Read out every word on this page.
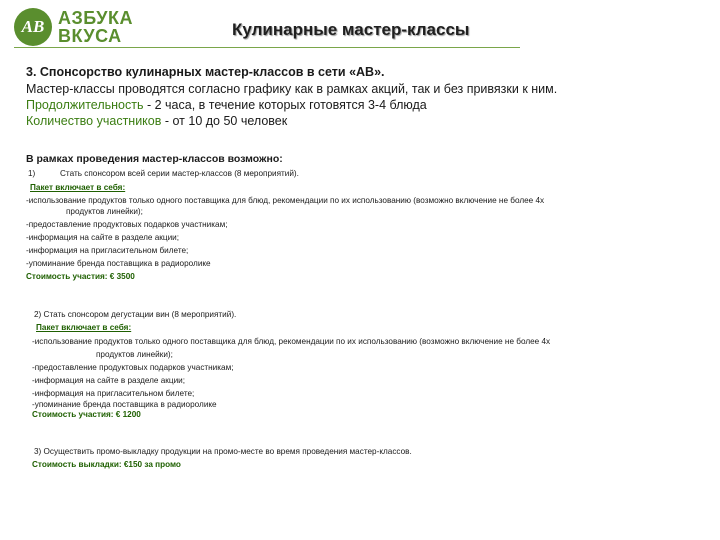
AB АЗБУКА
ВКУСА	Кулинарные мастер-классы
3. Спонсорство кулинарных мастер-классов в сети «АВ».
Мастер-классы проводятся согласно графику как в рамках акций, так и без привязки к ним.
Продолжительность - 2 часа, в течение которых готовятся 3-4 блюда
Количество участников - от 10 до 50 человек
В рамках проведения мастер-классов возможно:
1)	Стать спонсором всей серии мастер-классов (8 мероприятий).
Пакет включает в себя:
-использование продуктов только одного поставщика для блюд, рекомендации по их использованию (возможно включение не более 4х
продуктов линейки);
-предоставление продуктовых подарков участникам;
-информация на сайте в разделе акции;
-информация на пригласительном билете;
-упоминание бренда поставщика в радиоролике
Стоимость участия: € 3500
2) Стать спонсором дегустации вин (8 мероприятий).
Пакет включает в себя:
-использование продуктов только одного поставщика для блюд, рекомендации по их использованию (возможно включение не более 4х
продуктов линейки);
-предоставление продуктовых подарков участникам;
-информация на сайте в разделе акции;
-информация на пригласительном билете;
-упоминание бренда поставщика в радиоролике
Стоимость участия: € 1200
3) Осуществить промо-выкладку продукции на промо-месте во время проведения мастер-классов.
Стоимость выкладки: €150 за промо
